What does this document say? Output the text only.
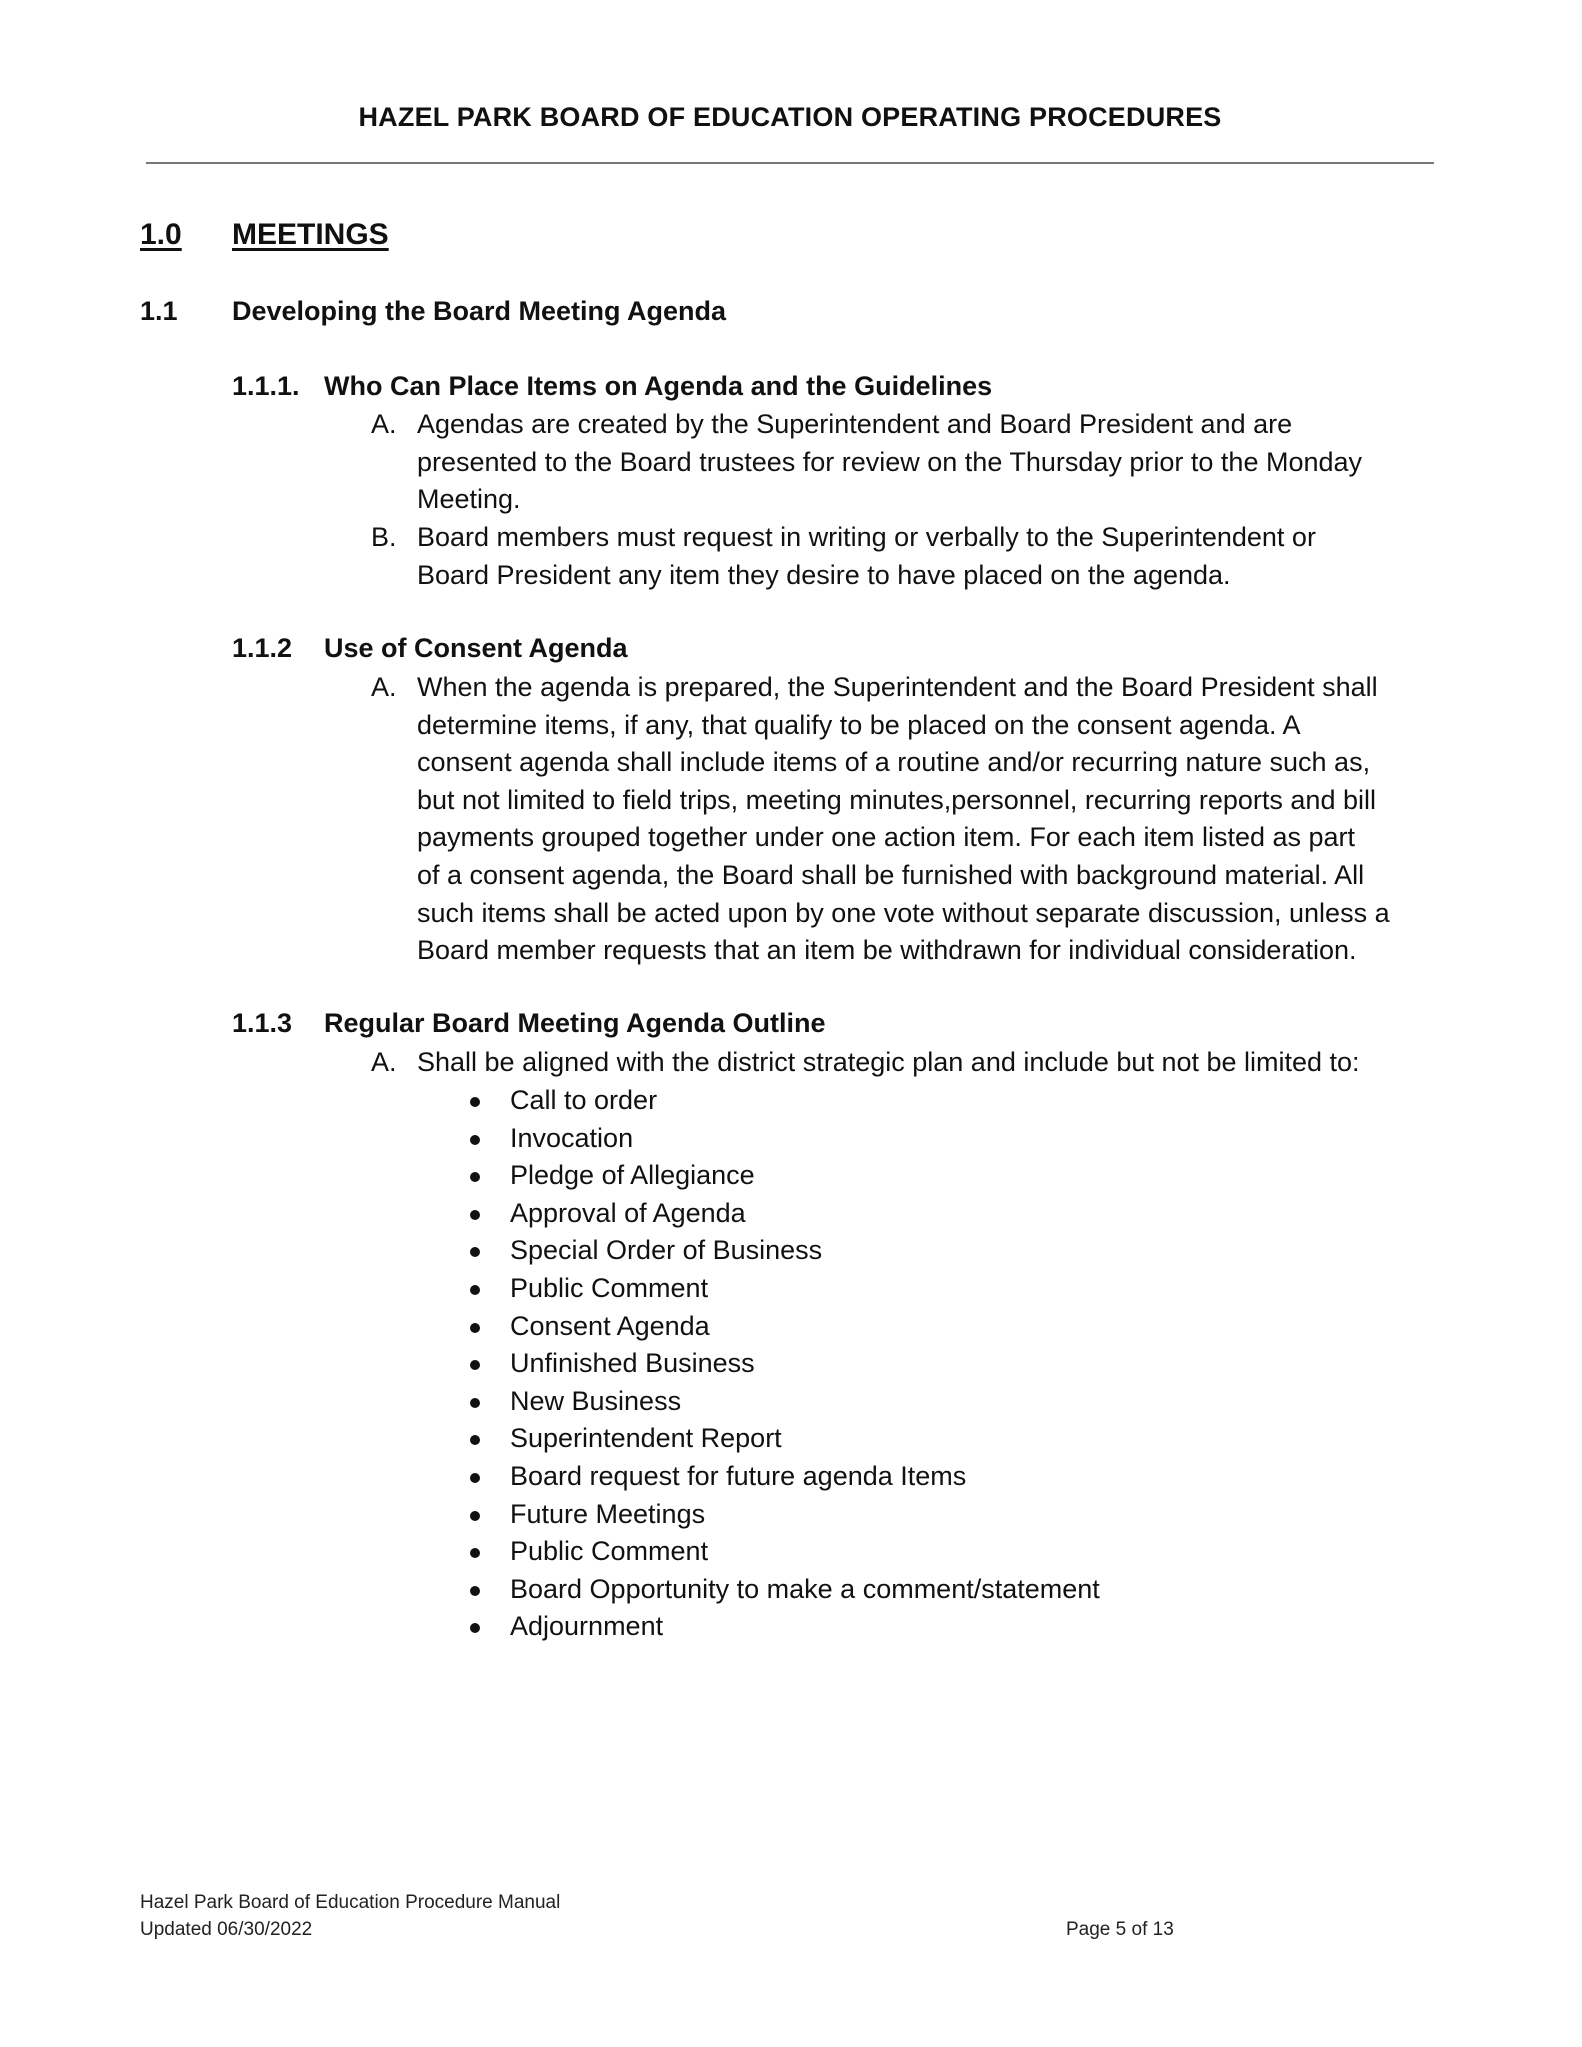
HAZEL PARK BOARD OF EDUCATION OPERATING PROCEDURES
1.0 MEETINGS
1.1 Developing the Board Meeting Agenda
1.1.1. Who Can Place Items on Agenda and the Guidelines
A. Agendas are created by the Superintendent and Board President and are
presented to the Board trustees for review on the Thursday prior to the Monday
Meeting.
B. Board members must request in writing or verbally to the Superintendent or
Board President any item they desire to have placed on the agenda.
1.1.2 Use of Consent Agenda
A. When the agenda is prepared, the Superintendent and the Board President shall
determine items, if any, that qualify to be placed on the consent agenda. A
consent agenda shall include items of a routine and/or recurring nature such as,
but not limited to field trips, meeting minutes,personnel, recurring reports and bill
payments grouped together under one action item. For each item listed as part
of a consent agenda, the Board shall be furnished with background material. All
such items shall be acted upon by one vote without separate discussion, unless a
Board member requests that an item be withdrawn for individual consideration.
1.1.3 Regular Board Meeting Agenda Outline
A. Shall be aligned with the district strategic plan and include but not be limited to:
Call to order
Invocation
Pledge of Allegiance
Approval of Agenda
Special Order of Business
Public Comment
Consent Agenda
Unfinished Business
New Business
Superintendent Report
Board request for future agenda Items
Future Meetings
Public Comment
Board Opportunity to make a comment/statement
Adjournment
Hazel Park Board of Education Procedure Manual
Updated 06/30/2022	Page 5 of 13
